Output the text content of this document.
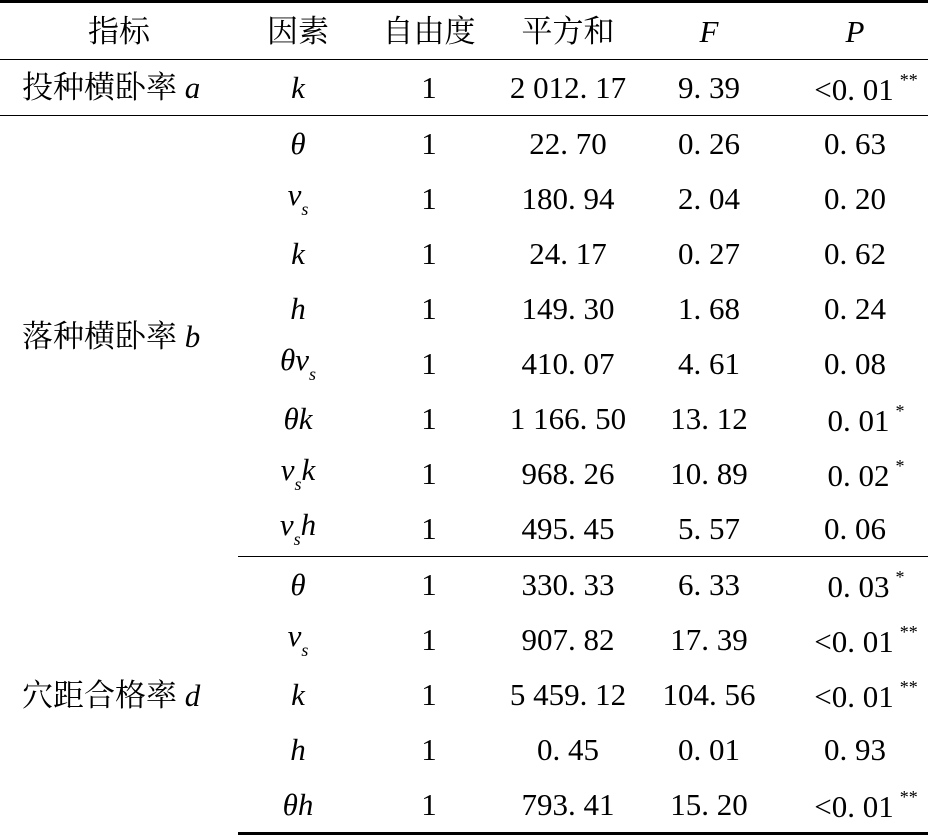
指标	因素	自由度	平方和	F	P
投种横卧率 a	k	1	2 012. 17	9. 39	<0. 01 **
落种横卧率 b	θ	1	22. 70	0. 26	0. 63
	$v_s$	1	180. 94	2. 04	0. 20
	k	1	24. 17	0. 27	0. 62
	h	1	149. 30	1. 68	0. 24
	$\theta v_s$	1	410. 07	4. 61	0. 08
	θk	1	1 166. 50	13. 12	0. 01 *
	$v_sk$	1	968. 26	10. 89	0. 02 *
	$v_sh$	1	495. 45	5. 57	0. 06
穴距合格率 d	θ	1	330. 33	6. 33	0. 03 *
	$v_s$	1	907. 82	17. 39	<0. 01 **
	k	1	5 459. 12	104. 56	<0. 01 **
	h	1	0. 45	0. 01	0. 93
	θh	1	793. 41	15. 20	<0. 01 **
